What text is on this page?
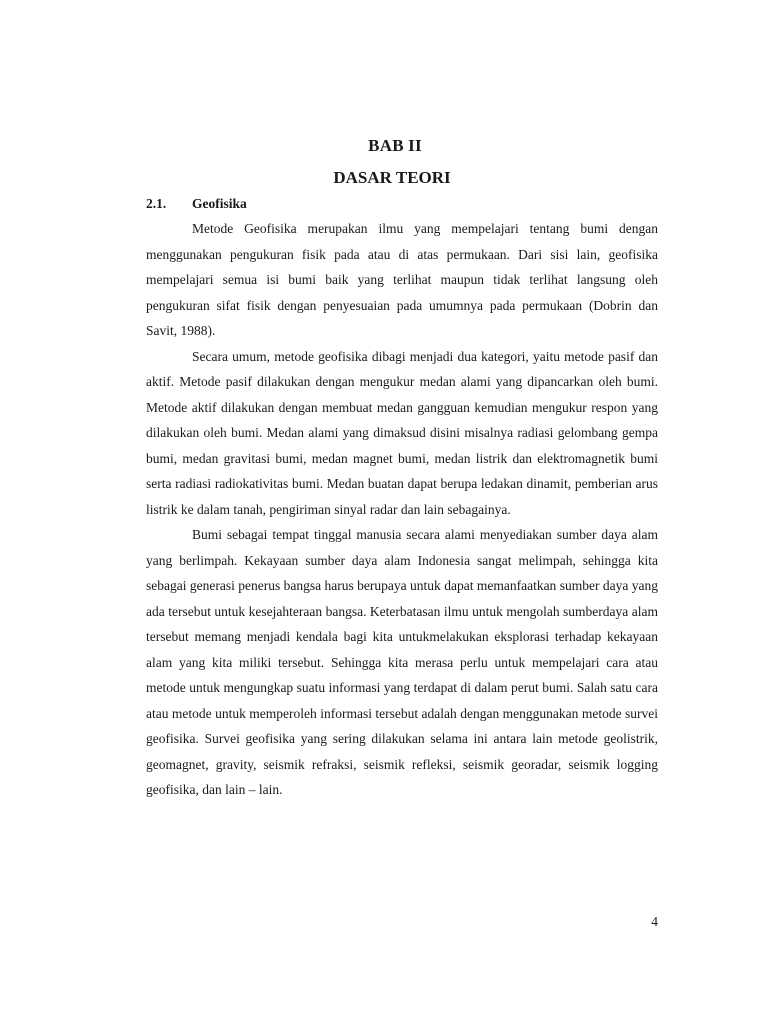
BAB II
DASAR TEORI
2.1. Geofisika

Metode Geofisika merupakan ilmu yang mempelajari tentang bumi dengan menggunakan pengukuran fisik pada atau di atas permukaan. Dari sisi lain, geofisika mempelajari semua isi bumi baik yang terlihat maupun tidak terlihat langsung oleh pengukuran sifat fisik dengan penyesuaian pada umumnya pada permukaan (Dobrin dan Savit, 1988).

Secara umum, metode geofisika dibagi menjadi dua kategori, yaitu metode pasif dan aktif. Metode pasif dilakukan dengan mengukur medan alami yang dipancarkan oleh bumi. Metode aktif dilakukan dengan membuat medan gangguan kemudian mengukur respon yang dilakukan oleh bumi. Medan alami yang dimaksud disini misalnya radiasi gelombang gempa bumi, medan gravitasi bumi, medan magnet bumi, medan listrik dan elektromagnetik bumi serta radiasi radiokativitas bumi. Medan buatan dapat berupa ledakan dinamit, pemberian arus listrik ke dalam tanah, pengiriman sinyal radar dan lain sebagainya.

Bumi sebagai tempat tinggal manusia secara alami menyediakan sumber daya alam yang berlimpah. Kekayaan sumber daya alam Indonesia sangat melimpah, sehingga kita sebagai generasi penerus bangsa harus berupaya untuk dapat memanfaatkan sumber daya yang ada tersebut untuk kesejahteraan bangsa. Keterbatasan ilmu untuk mengolah sumberdaya alam tersebut memang menjadi kendala bagi kita untukmelakukan eksplorasi terhadap kekayaan alam yang kita miliki tersebut. Sehingga kita merasa perlu untuk mempelajari cara atau metode untuk mengungkap suatu informasi yang terdapat di dalam perut bumi. Salah satu cara atau metode untuk memperoleh informasi tersebut adalah dengan menggunakan metode survei geofisika. Survei geofisika yang sering dilakukan selama ini antara lain metode geolistrik, geomagnet, gravity, seismik refraksi, seismik refleksi, seismik georadar, seismik logging geofisika, dan lain – lain.

4
